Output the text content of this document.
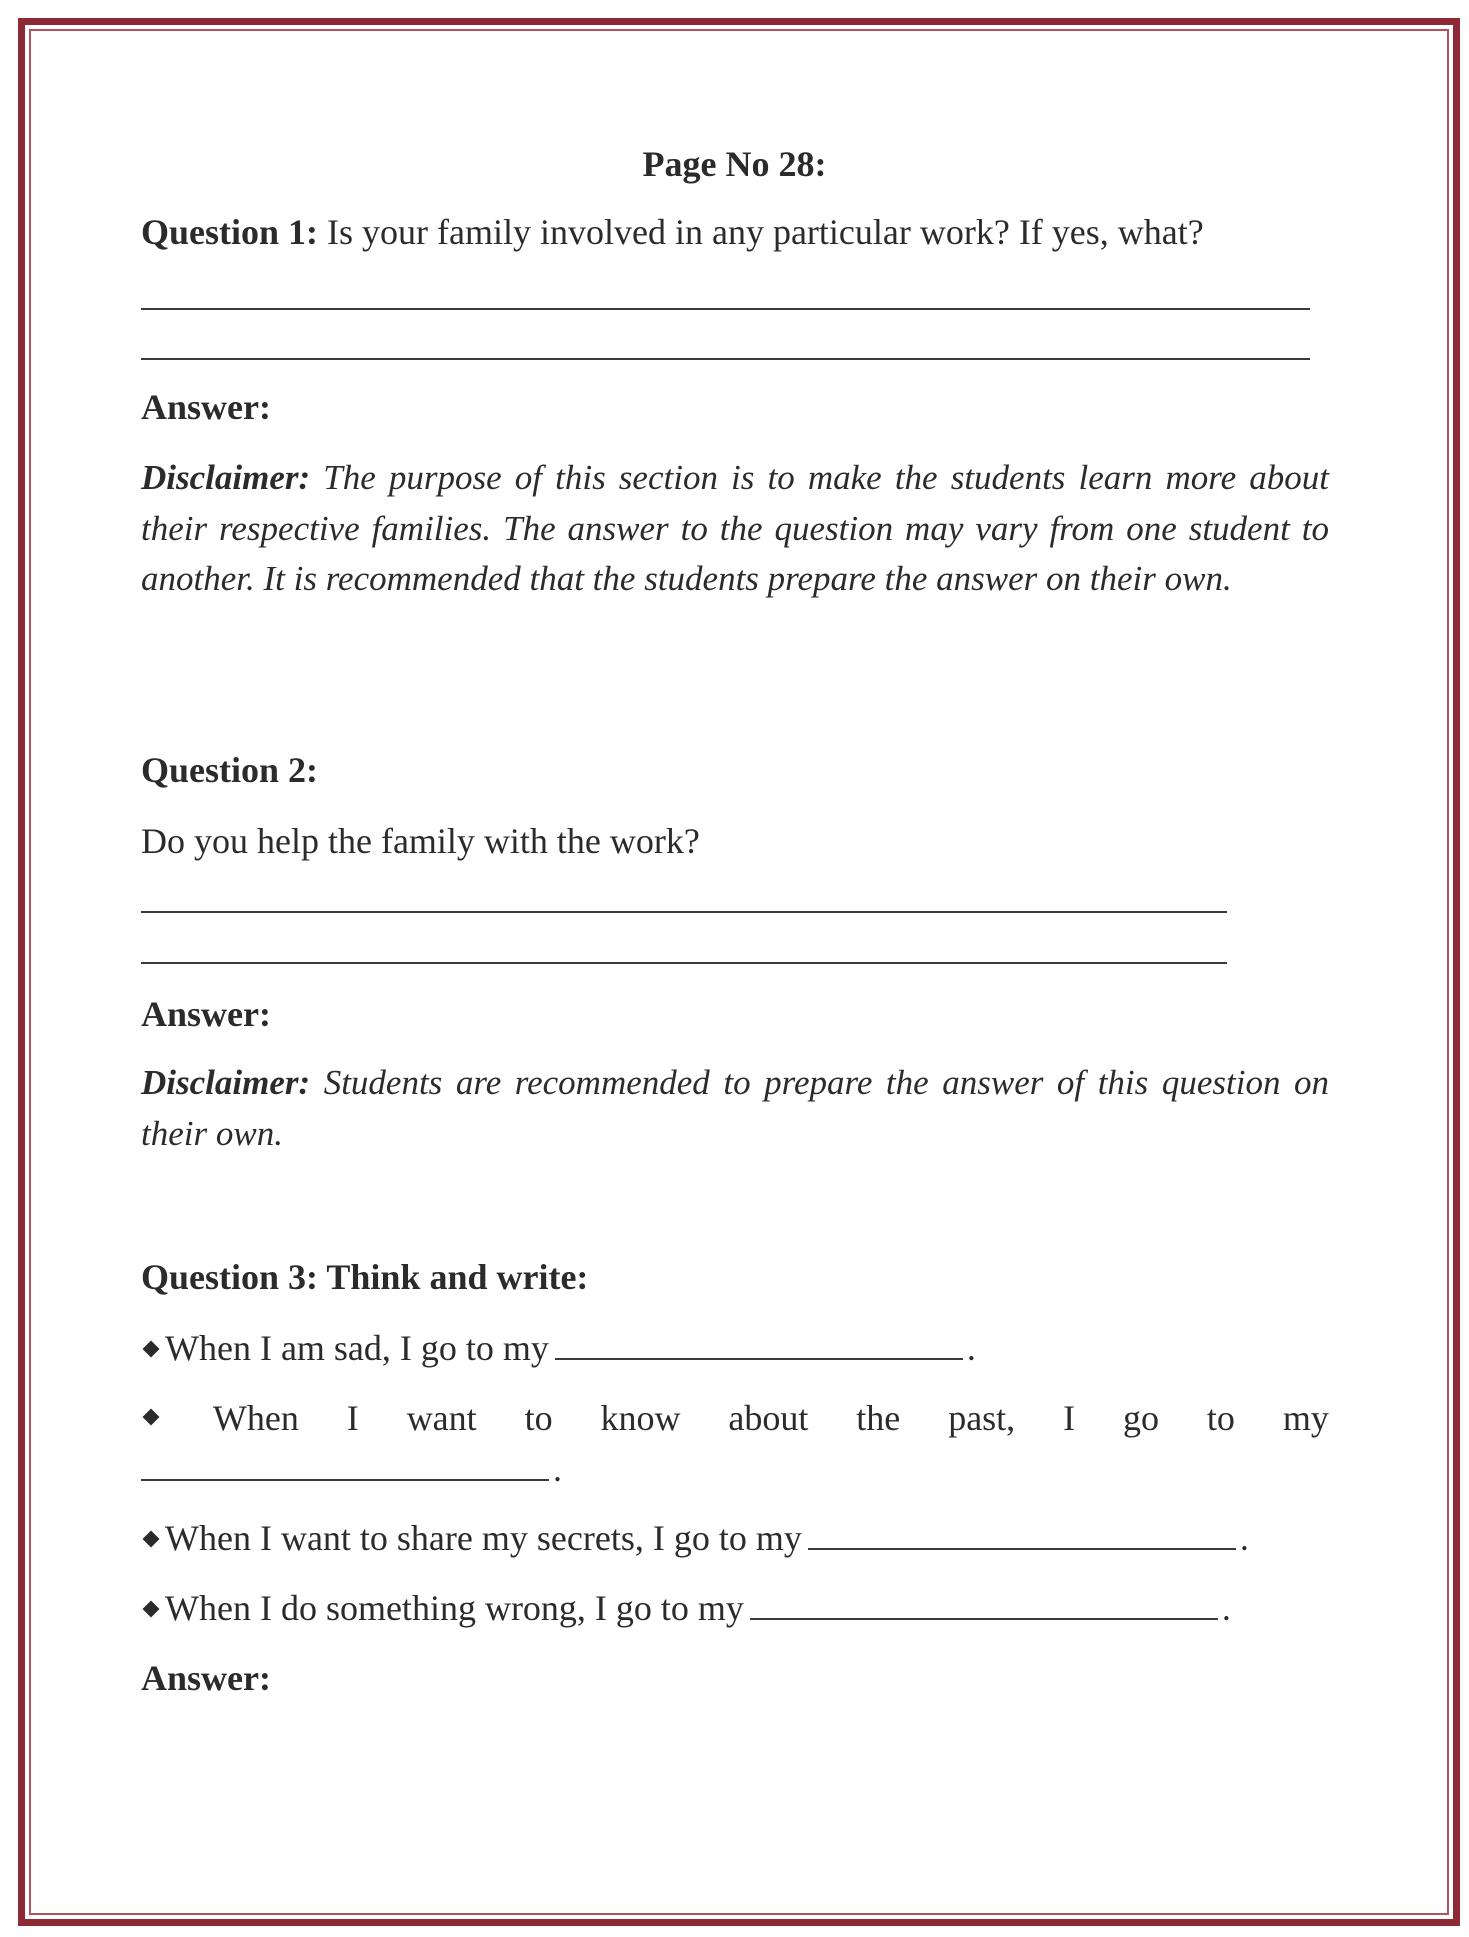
Page No 28:
Question 1: Is your family involved in any particular work? If yes, what?
Answer:
Disclaimer: The purpose of this section is to make the students learn more about their respective families. The answer to the question may vary from one student to another. It is recommended that the students prepare the answer on their own.
Question 2:
Do you help the family with the work?
Answer:
Disclaimer: Students are recommended to prepare the answer of this question on their own.
Question 3: Think and write:
When I am sad, I go to my	.
When I want to know about the past, I go to my
.
When I want to share my secrets, I go to my	.
When I do something wrong, I go to my	.
Answer:
